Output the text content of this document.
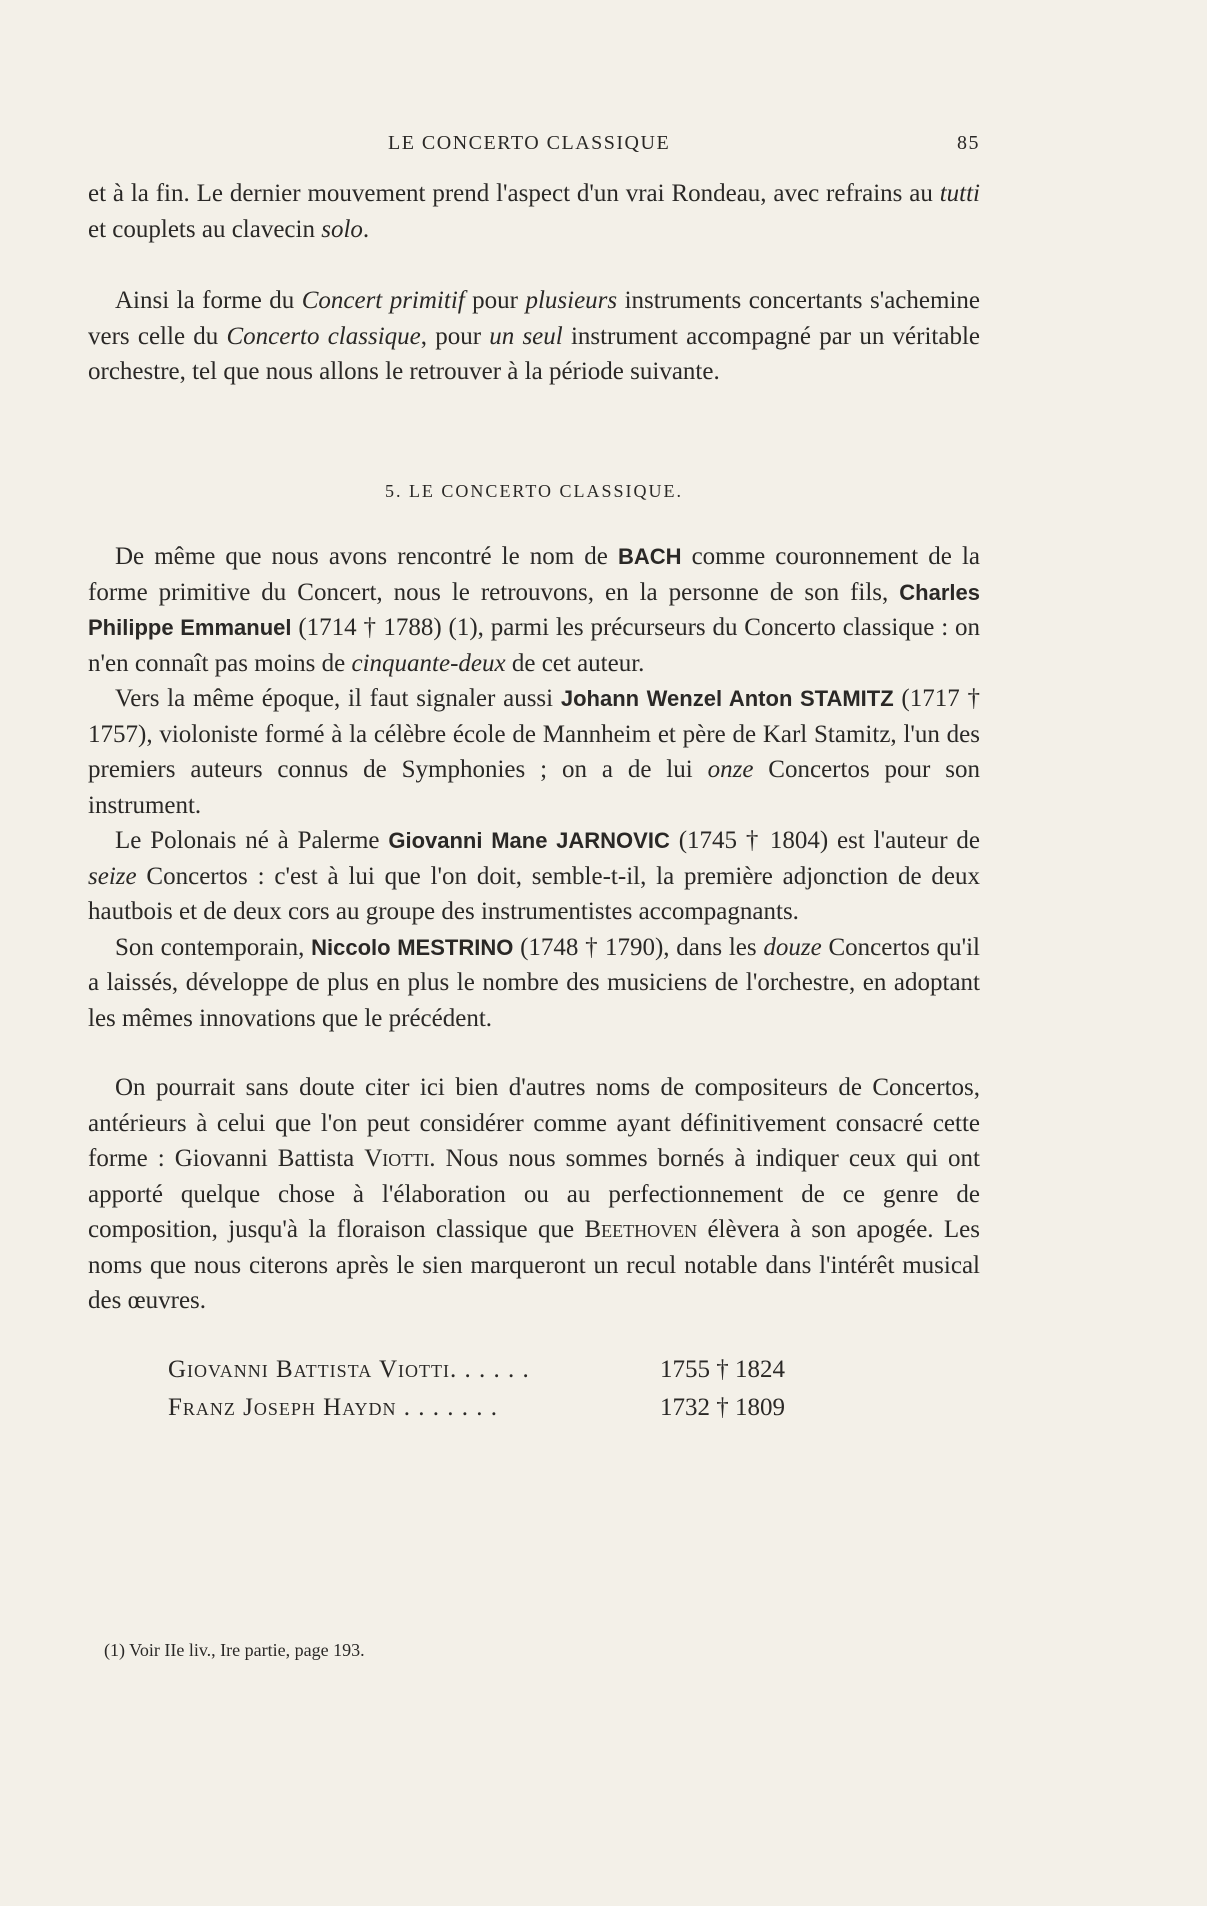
LE CONCERTO CLASSIQUE	85

et à la fin. Le dernier mouvement prend l'aspect d'un vrai Rondeau, avec refrains au tutti et couplets au clavecin solo.

Ainsi la forme du Concert primitif pour plusieurs instruments concertants s'achemine vers celle du Concerto classique, pour un seul instrument accompagné par un véritable orchestre, tel que nous allons le retrouver à la période suivante.

5. LE CONCERTO CLASSIQUE.

De même que nous avons rencontré le nom de BACH comme couronnement de la forme primitive du Concert, nous le retrouvons, en la personne de son fils, Charles Philippe Emmanuel (1714 † 1788) (1), parmi les précurseurs du Concerto classique : on n'en connaît pas moins de cinquante-deux de cet auteur.

Vers la même époque, il faut signaler aussi Johann Wenzel Anton STAMITZ (1717 † 1757), violoniste formé à la célèbre école de Mannheim et père de Karl Stamitz, l'un des premiers auteurs connus de Symphonies ; on a de lui onze Concertos pour son instrument.

Le Polonais né à Palerme Giovanni Mane JARNOVIC (1745 † 1804) est l'auteur de seize Concertos : c'est à lui que l'on doit, semble-t-il, la première adjonction de deux hautbois et de deux cors au groupe des instrumentistes accompagnants.

Son contemporain, Niccolo MESTRINO (1748 † 1790), dans les douze Concertos qu'il a laissés, développe de plus en plus le nombre des musiciens de l'orchestre, en adoptant les mêmes innovations que le précédent.

On pourrait sans doute citer ici bien d'autres noms de compositeurs de Concertos, antérieurs à celui que l'on peut considérer comme ayant définitivement consacré cette forme : Giovanni Battista Viotti. Nous nous sommes bornés à indiquer ceux qui ont apporté quelque chose à l'élaboration ou au perfectionnement de ce genre de composition, jusqu'à la floraison classique que Beethoven élèvera à son apogée. Les noms que nous citerons après le sien marqueront un recul notable dans l'intérêt musical des œuvres.

Giovanni Battista Viotti. . . . . .	1755 † 1824
Franz Joseph Haydn . . . . . . .	1732 † 1809
(1) Voir IIe liv., Ire partie, page 193.
